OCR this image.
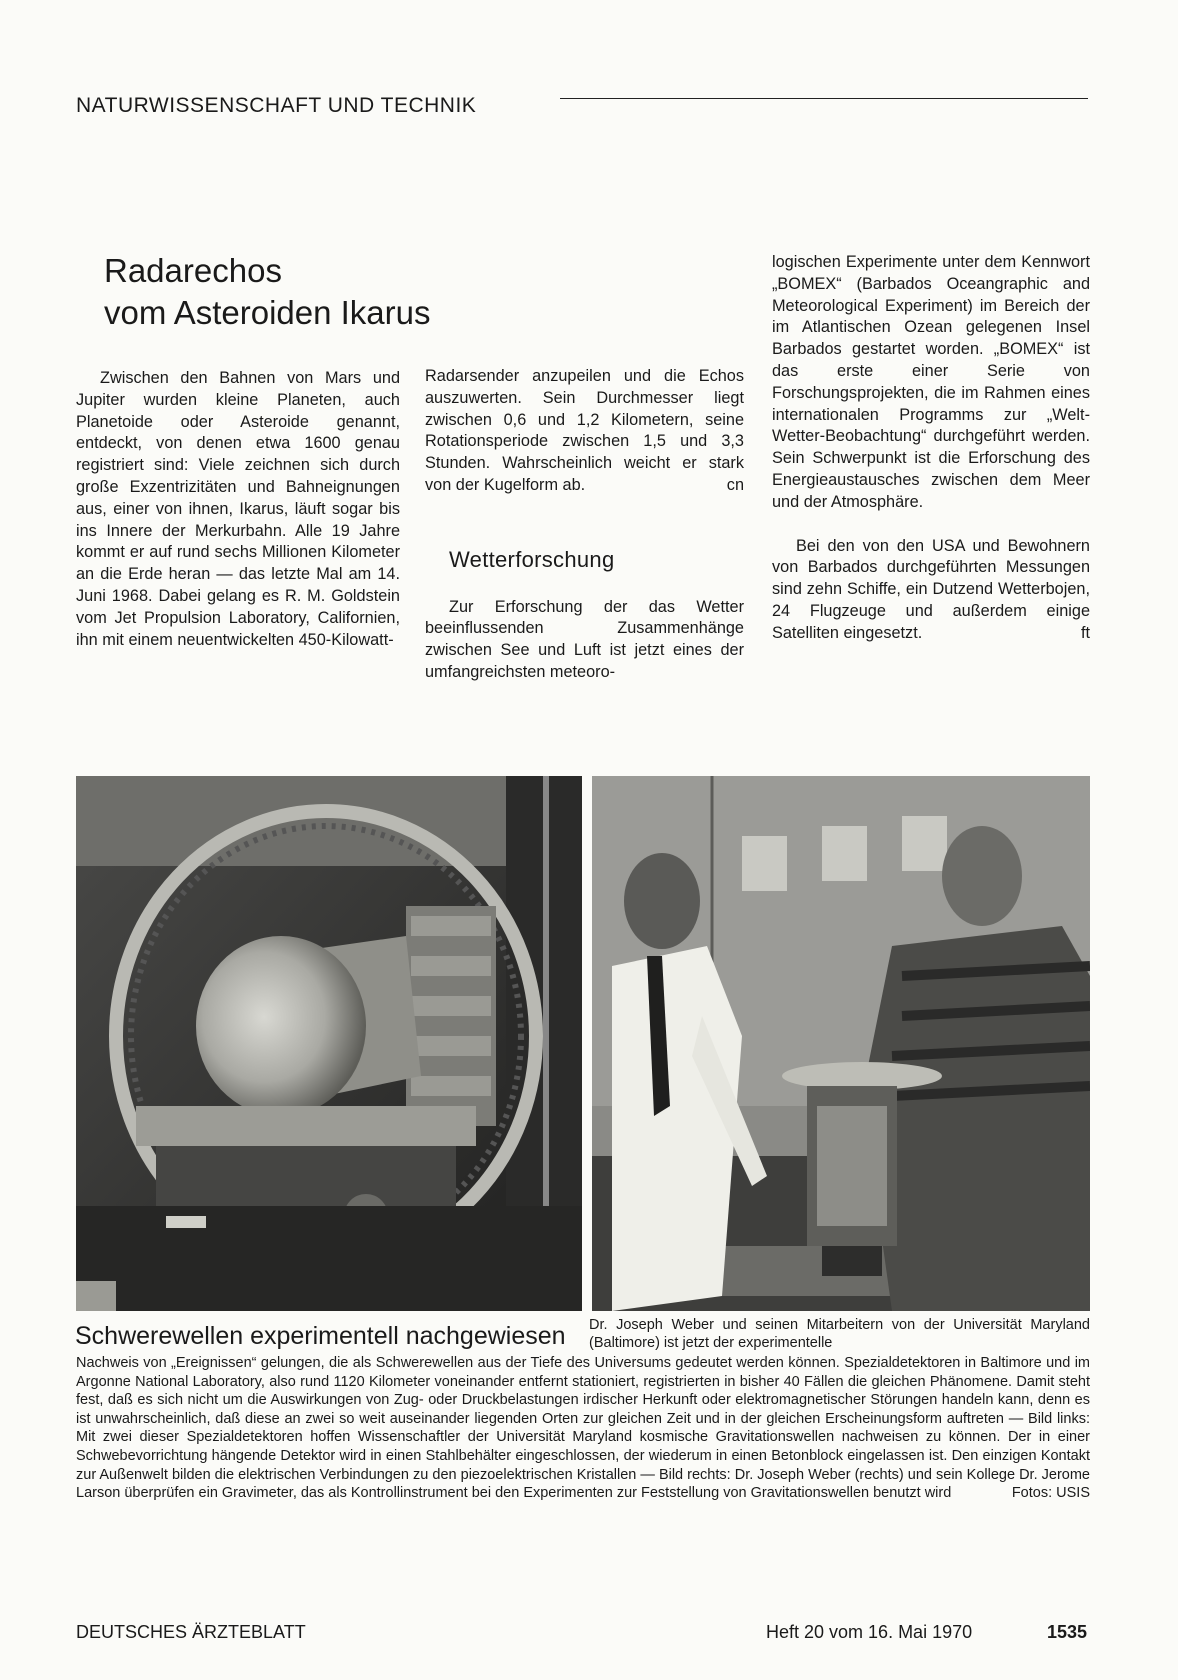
NATURWISSENSCHAFT UND TECHNIK
Radarechos
vom Asteroiden Ikarus

Zwischen den Bahnen von Mars und Jupiter wurden kleine Planeten, auch Planetoide oder Asteroide genannt, entdeckt, von denen etwa 1600 genau registriert sind: Viele zeichnen sich durch große Exzentrizitäten und Bahneignungen aus, einer von ihnen, Ikarus, läuft sogar bis ins Innere der Merkurbahn. Alle 19 Jahre kommt er auf rund sechs Millionen Kilometer an die Erde heran — das letzte Mal am 14. Juni 1968. Dabei gelang es R. M. Goldstein vom Jet Propulsion Laboratory, Californien, ihn mit einem neuentwickelten 450-Kilowatt-

Radarsender anzupeilen und die Echos auszuwerten. Sein Durchmesser liegt zwischen 0,6 und 1,2 Kilometern, seine Rotationsperiode zwischen 1,5 und 3,3 Stunden. Wahrscheinlich weicht er stark von der Kugelform ab.	cn

Wetterforschung

Zur Erforschung der das Wetter beeinflussenden Zusammenhänge zwischen See und Luft ist jetzt eines der umfangreichsten meteoro-

logischen Experimente unter dem Kennwort „BOMEX“ (Barbados Oceangraphic and Meteorological Experiment) im Bereich der im Atlantischen Ozean gelegenen Insel Barbados gestartet worden. „BOMEX“ ist das erste einer Serie von Forschungsprojekten, die im Rahmen eines internationalen Programms zur „Welt-Wetter-Beobachtung“ durchgeführt werden. Sein Schwerpunkt ist die Erforschung des Energieaustausches zwischen dem Meer und der Atmosphäre.

Bei den von den USA und Bewohnern von Barbados durchgeführten Messungen sind zehn Schiffe, ein Dutzend Wetterbojen, 24 Flugzeuge und außerdem einige Satelliten eingesetzt.	ft

Schwerewellen experimentell nachgewiesen Dr. Joseph Weber und seinen Mitarbeitern von der Universität Maryland (Baltimore) ist jetzt der experimentelle
Nachweis von „Ereignissen“ gelungen, die als Schwerewellen aus der Tiefe des Universums gedeutet werden können. Spezialdetektoren in Baltimore und im Argonne National Laboratory, also rund 1120 Kilometer voneinander entfernt stationiert, registrierten in bisher 40 Fällen die gleichen Phänomene. Damit steht fest, daß es sich nicht um die Auswirkungen von Zug- oder Druckbelastungen irdischer Herkunft oder elektromagnetischer Störungen handeln kann, denn es ist unwahrscheinlich, daß diese an zwei so weit auseinander liegenden Orten zur gleichen Zeit und in der gleichen Erscheinungsform auftreten — Bild links: Mit zwei dieser Spezialdetektoren hoffen Wissenschaftler der Universität Maryland kosmische Gravitationswellen nachweisen zu können. Der in einer Schwebevorrichtung hängende Detektor wird in einen Stahlbehälter eingeschlossen, der wiederum in einen Betonblock eingelassen ist. Den einzigen Kontakt zur Außenwelt bilden die elektrischen Verbindungen zu den piezoelektrischen Kristallen — Bild rechts: Dr. Joseph Weber (rechts) und sein Kollege Dr. Jerome Larson überprüfen ein Gravimeter, das als Kontrollinstrument bei den Experimenten zur Feststellung von Gravitationswellen benutzt wird	Fotos: USIS
DEUTSCHES ÄRZTEBLATT	Heft 20 vom 16. Mai 1970	1535
